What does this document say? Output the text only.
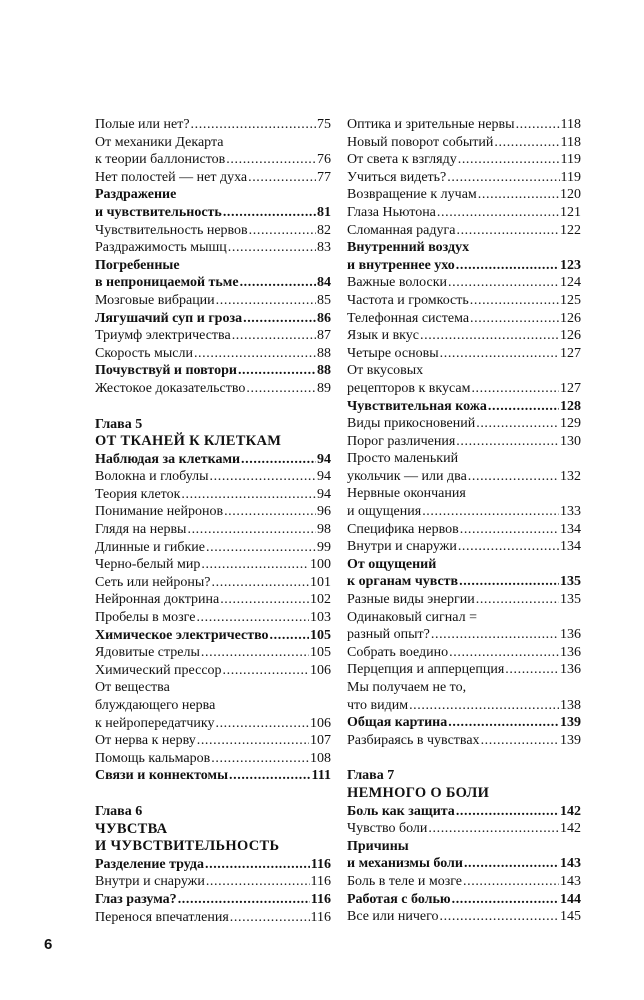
Полые или нет? .....	75
От механики Декарта
к теории баллонистов .....	76
Нет полостей — нет духа .....	77
Раздражение
и чувствительность .....	81
Чувствительность нервов .....	82
Раздражимость мышц .....	83
Погребенные
в непроницаемой тьме .....	84
Мозговые вибрации .....	85
Лягушачий суп и гроза .....	86
Триумф электричества .....	87
Скорость мысли .....	88
Почувствуй и повтори .....	88
Жестокое доказательство .....	89
Глава 5
ОТ ТКАНЕЙ К КЛЕТКАМ
Наблюдая за клетками .....	94
Волокна и глобулы .....	94
Теория клеток .....	94
Понимание нейронов .....	96
Глядя на нервы .....	98
Длинные и гибкие .....	99
Черно-белый мир .....	100
Сеть или нейроны? .....	101
Нейронная доктрина .....	102
Пробелы в мозге .....	103
Химическое электричество .....	105
Ядовитые стрелы .....	105
Химический прессор .....	106
От вещества
блуждающего нерва
к нейропередатчику .....	106
От нерва к нерву .....	107
Помощь кальмаров .....	108
Связи и коннектомы .....	111
Глава 6
ЧУВСТВА
И ЧУВСТВИТЕЛЬНОСТЬ
Разделение труда .....	116
Внутри и снаружи .....	116
Глаз разума? .....	116
Перенося впечатления .....	116
Оптика и зрительные нервы .....	118
Новый поворот событий .....	118
От света к взгляду .....	119
Учиться видеть? .....	119
Возвращение к лучам .....	120
Глаза Ньютона .....	121
Сломанная радуга .....	122
Внутренний воздух
и внутреннее ухо .....	123
Важные волоски .....	124
Частота и громкость .....	125
Телефонная система .....	126
Язык и вкус .....	126
Четыре основы .....	127
От вкусовых
рецепторов к вкусам .....	127
Чувствительная кожа .....	128
Виды прикосновений .....	129
Порог различения .....	130
Просто маленький
укольчик — или два .....	132
Нервные окончания
и ощущения .....	133
Специфика нервов .....	134
Внутри и снаружи .....	134
От ощущений
к органам чувств .....	135
Разные виды энергии .....	135
Одинаковый сигнал =
разный опыт? .....	136
Собрать воедино .....	136
Перцепция и апперцепция .....	136
Мы получаем не то,
что видим .....	138
Общая картина .....	139
Разбираясь в чувствах .....	139
Глава 7
НЕМНОГО О БОЛИ
Боль как защита .....	142
Чувство боли .....	142
Причины
и механизмы боли .....	143
Боль в теле и мозге .....	143
Работая с болью .....	144
Все или ничего .....	145
6
